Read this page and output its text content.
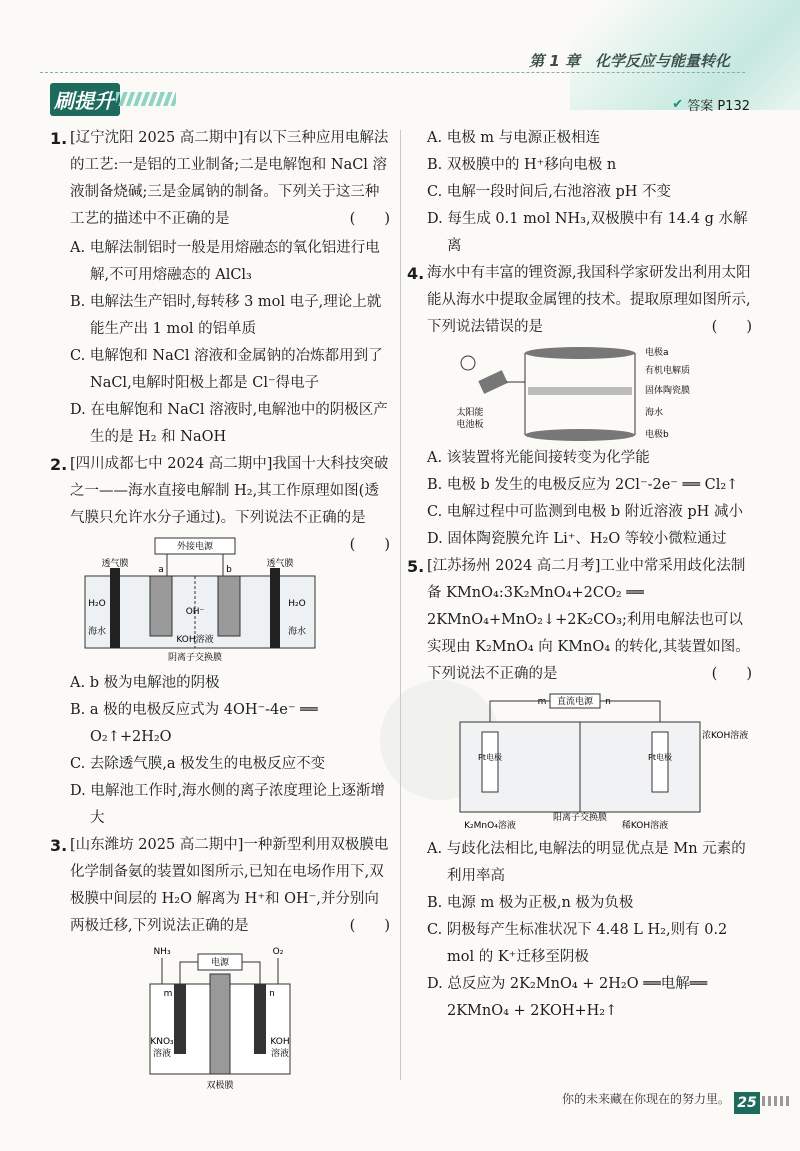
第 1 章　化学反应与能量转化
刷提升	✔ 答案 P132
1. [辽宁沈阳 2025 高二期中]有以下三种应用电解法的工艺:一是铝的工业制备;二是电解饱和 NaCl 溶液制备烧碱;三是金属钠的制备。下列关于这三种工艺的描述中不正确的是	(　　)
A. 电解法制铝时一般是用熔融态的氧化铝进行电解,不可用熔融态的 AlCl₃
B. 电解法生产铝时,每转移 3 mol 电子,理论上就能生产出 1 mol 的铝单质
C. 电解饱和 NaCl 溶液和金属钠的冶炼都用到了 NaCl,电解时阳极上都是 Cl⁻得电子
D. 在电解饱和 NaCl 溶液时,电解池中的阴极区产生的是 H₂ 和 NaOH
2. [四川成都七中 2024 高二期中]我国十大科技突破之一——海水直接电解制 H₂,其工作原理如图(透气膜只允许水分子通过)。下列说法不正确的是
(　　)
外接电源
透气膜	透气膜
a	b
OH⁻
H₂O	H₂O
海水	海水
KOH溶液
阴离子交换膜
A. b 极为电解池的阴极
B. a 极的电极反应式为 4OH⁻-4e⁻ ══ O₂↑+2H₂O
C. 去除透气膜,a 极发生的电极反应不变
D. 电解池工作时,海水侧的离子浓度理论上逐渐增大
3. [山东潍坊 2025 高二期中]一种新型利用双极膜电化学制备氨的装置如图所示,已知在电场作用下,双极膜中间层的 H₂O 解离为 H⁺和 OH⁻,并分别向两极迁移,下列说法正确的是	(　　)
NH₃	O₂
电源
m	n
KNO₃
溶液
KOH
溶液
双极膜
A. 电极 m 与电源正极相连
B. 双极膜中的 H⁺移向电极 n
C. 电解一段时间后,右池溶液 pH 不变
D. 每生成 0.1 mol NH₃,双极膜中有 14.4 g 水解离
4. 海水中有丰富的锂资源,我国科学家研发出利用太阳能从海水中提取金属锂的技术。提取原理如图所示,下列说法错误的是	(　　)
太阳能
电池板
电极a
有机电解质
固体陶瓷膜
海水
电极b
A. 该装置将光能间接转变为化学能
B. 电极 b 发生的电极反应为 2Cl⁻-2e⁻ ══ Cl₂↑
C. 电解过程中可监测到电极 b 附近溶液 pH 减小
D. 固体陶瓷膜允许 Li⁺、H₂O 等较小微粒通过
5. [江苏扬州 2024 高二月考]工业中常采用歧化法制备 KMnO₄:3K₂MnO₄+2CO₂ ══ 2KMnO₄+MnO₂↓+2K₂CO₃;利用电解法也可以实现由 K₂MnO₄ 向 KMnO₄ 的转化,其装置如图。下列说法不正确的是	(　　)
直流电源
m	n
Pt电极	Pt电极
浓KOH溶液
K₂MnO₄溶液	稀KOH溶液
阳离子交换膜
A. 与歧化法相比,电解法的明显优点是 Mn 元素的利用率高
B. 电源 m 极为正极,n 极为负极
C. 阴极每产生标准状况下 4.48 L H₂,则有 0.2 mol 的 K⁺迁移至阴极
D. 总反应为 2K₂MnO₄ + 2H₂O ══电解══ 2KMnO₄ + 2KOH+H₂↑
你的未来藏在你现在的努力里。 25
